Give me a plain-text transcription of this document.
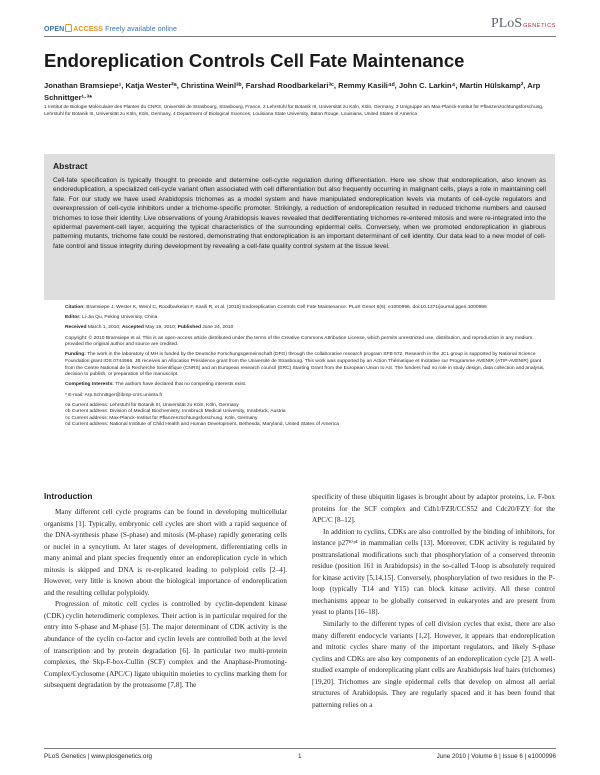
OPEN ACCESS Freely available online	PLoSGENETICS
Endoreplication Controls Cell Fate Maintenance
Jonathan Bramsiepe¹, Katja Wester²ᵃ, Christina Weinl³ᵇ, Farshad Roodbarkelari³ᶜ, Remmy Kasili⁴ᵈ, John C. Larkin⁴, Martin Hülskamp², Arp Schnittger¹·³*
1 Institut de Biologie Moléculaire des Plantes du CNRS, Université de Strasbourg, Strasbourg, France, 2 Lehrstuhl für Botanik III, Universität zu Köln, Köln, Germany, 3 Unigruppe am Max-Planck-Institut für Pflanzenzüchtungsforschung, Lehrstuhl für Botanik III, Universität zu Köln, Köln, Germany, 4 Department of Biological Sciences, Louisiana State University, Baton Rouge, Louisiana, United States of America
Abstract

Cell-fate specification is typically thought to precede and determine cell-cycle regulation during differentiation. Here we show that endoreplication, also known as endoreduplication, a specialized cell-cycle variant often associated with cell differentiation but also frequently occurring in malignant cells, plays a role in maintaining cell fate. For our study we have used Arabidopsis trichomes as a model system and have manipulated endoreplication levels via mutants of cell-cycle regulators and overexpression of cell-cycle inhibitors under a trichome-specific promoter. Strikingly, a reduction of endoreplication resulted in reduced trichome numbers and caused trichomes to lose their identity. Live observations of young Arabidopsis leaves revealed that dedifferentiating trichomes re-entered mitosis and were re-integrated into the epidermal pavement-cell layer, acquiring the typical characteristics of the surrounding epidermal cells. Conversely, when we promoted endoreplication in glabrous patterning mutants, trichome fate could be restored, demonstrating that endoreplication is an important determinant of cell identity. Our data lead to a new model of cell-fate control and tissue integrity during development by revealing a cell-fate quality control system at the tissue level.

Citation: Bramsiepe J, Wester K, Weinl C, Roodbarkelari F, Kasili R, et al. (2010) Endoreplication Controls Cell Fate Maintenance. PLoS Genet 6(6): e1000996. doi:10.1371/journal.pgen.1000996

Editor: Li-Jia Qu, Peking University, China

Received March 1, 2010; Accepted May 19, 2010; Published June 24, 2010

Copyright: © 2010 Bramsiepe et al. This is an open-access article distributed under the terms of the Creative Commons Attribution License, which permits unrestricted use, distribution, and reproduction in any medium, provided the original author and source are credited.

Funding: The work in the laboratory of MH is funded by the Deutsche Forschungsgemeinschaft (DFG) through the collaborative research program SFB 572. Research in the JCL group is supported by National Science Foundation grant IOS 0744566. JB receives an Allocation Présidence grant from the Université de Strasbourg. This work was supported by an Action Thématique et Incitative sur Programme AVENIR (ATIP-AVENIR) grant from the Centre National de la Recherche Scientifique (CNRS) and an European research council (ERC) Starting Grant from the European Union to AS. The funders had no role in study design, data collection and analysis, decision to publish, or preparation of the manuscript.

Competing Interests: The authors have declared that no competing interests exist.

* E-mail: Arp.Schnittger@ibmp-cnrs.unistra.fr

¤a Current address: Lehrstuhl für Botanik III, Universität zu Köln, Köln, Germany

¤b Current address: Division of Medical Biochemistry, Innsbruck Medical University, Innsbruck, Austria

¤c Current address: Max-Planck-Institut für Pflanzenzüchtungsforschung, Köln, Germany

¤d Current address: National Institute of Child Health and Human Development, Bethesda, Maryland, United States of America

Introduction

Many different cell cycle programs can be found in developing multicellular organisms [1]. Typically, embryonic cell cycles are short with a rapid sequence of the DNA-synthesis phase (S-phase) and mitosis (M-phase) rapidly generating cells or nuclei in a syncytium. At later stages of development, differentiating cells in many animal and plant species frequently enter an endoreplication cycle in which mitosis is skipped and DNA is re-replicated leading to polyploid cells [2–4]. However, very little is known about the biological importance of endoreplication and the resulting cellular polyploidy.

Progression of mitotic cell cycles is controlled by cyclin-dependent kinase (CDK) cyclin heterodimeric complexes. Their action is in particular required for the entry into S-phase and M-phase [5]. The major determinant of CDK activity is the abundance of the cyclin co-factor and cyclin levels are controlled both at the level of transcription and by protein degradation [6]. In particular two multi-protein complexes, the Skp-F-box-Cullin (SCF) complex and the Anaphase-Promoting-Complex/Cyclosome (APC/C) ligate ubiquitin moieties to cyclins marking them for subsequent degradation by the proteasome [7,8]. The

specificity of these ubiquitin ligases is brought about by adaptor proteins, i.e. F-box proteins for the SCF complex and Cdh1/FZR/CCS52 and Cdc20/FZY for the APC/C [8–12].

In addition to cyclins, CDKs are also controlled by the binding of inhibitors, for instance p27ᴷⁱᵖ¹ in mammalian cells [13]. Moreover, CDK activity is regulated by posttranslational modifications such that phosphorylation of a conserved threonin residue (position 161 in Arabidopsis) in the so-called T-loop is absolutely required for kinase activity [5,14,15]. Conversely, phosphorylation of two residues in the P-loop (typically T14 and Y15) can block kinase activity. All these control mechanisms appear to be globally conserved in eukaryotes and are present from yeast to plants [16–18].

Similarly to the different types of cell division cycles that exist, there are also many different endocycle variants [1,2]. However, it appears that endoreplication and mitotic cycles share many of the important regulators, and likely S-phase cyclins and CDKs are also key components of an endoreplication cycle [2]. A well-studied example of endoreplicating plant cells are Arabidopsis leaf hairs (trichomes) [19,20]. Trichomes are single epidermal cells that develop on almost all aerial structures of Arabidopsis. They are regularly spaced and it has been found that patterning relies on a

PLoS Genetics | www.plosgenetics.org	1	June 2010 | Volume 6 | Issue 6 | e1000996
